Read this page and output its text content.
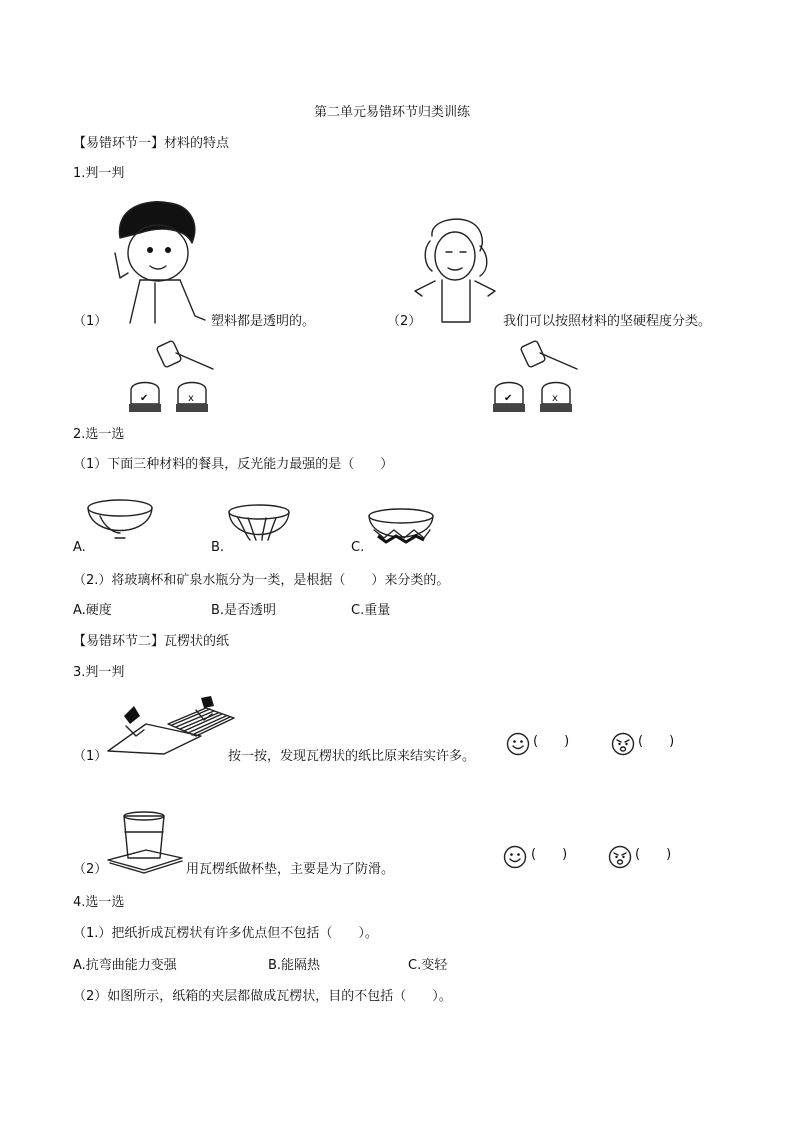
第二单元易错环节归类训练
【易错环节一】材料的特点
1.判一判
（1）	塑料都是透明的。	（2）	我们可以按照材料的坚硬程度分类。
✔	x	✔	x
2.选一选
（1）下面三种材料的餐具，反光能力最强的是（　　）
A.	B.	C.
（2.）将玻璃杯和矿泉水瓶分为一类，是根据（　　）来分类的。
A.硬度	B.是否透明	C.重量
【易错环节二】瓦楞状的纸
3.判一判
（1）	按一按，发现瓦楞状的纸比原来结实许多。
(　　)	(　　)
（2）	用瓦楞纸做杯垫，主要是为了防滑。
(　　)	(　　)
4.选一选
（1.）把纸折成瓦楞状有许多优点但不包括（　　）。
A.抗弯曲能力变强	B.能隔热	C.变轻
（2）如图所示，纸箱的夹层都做成瓦楞状，目的不包括（　　）。
